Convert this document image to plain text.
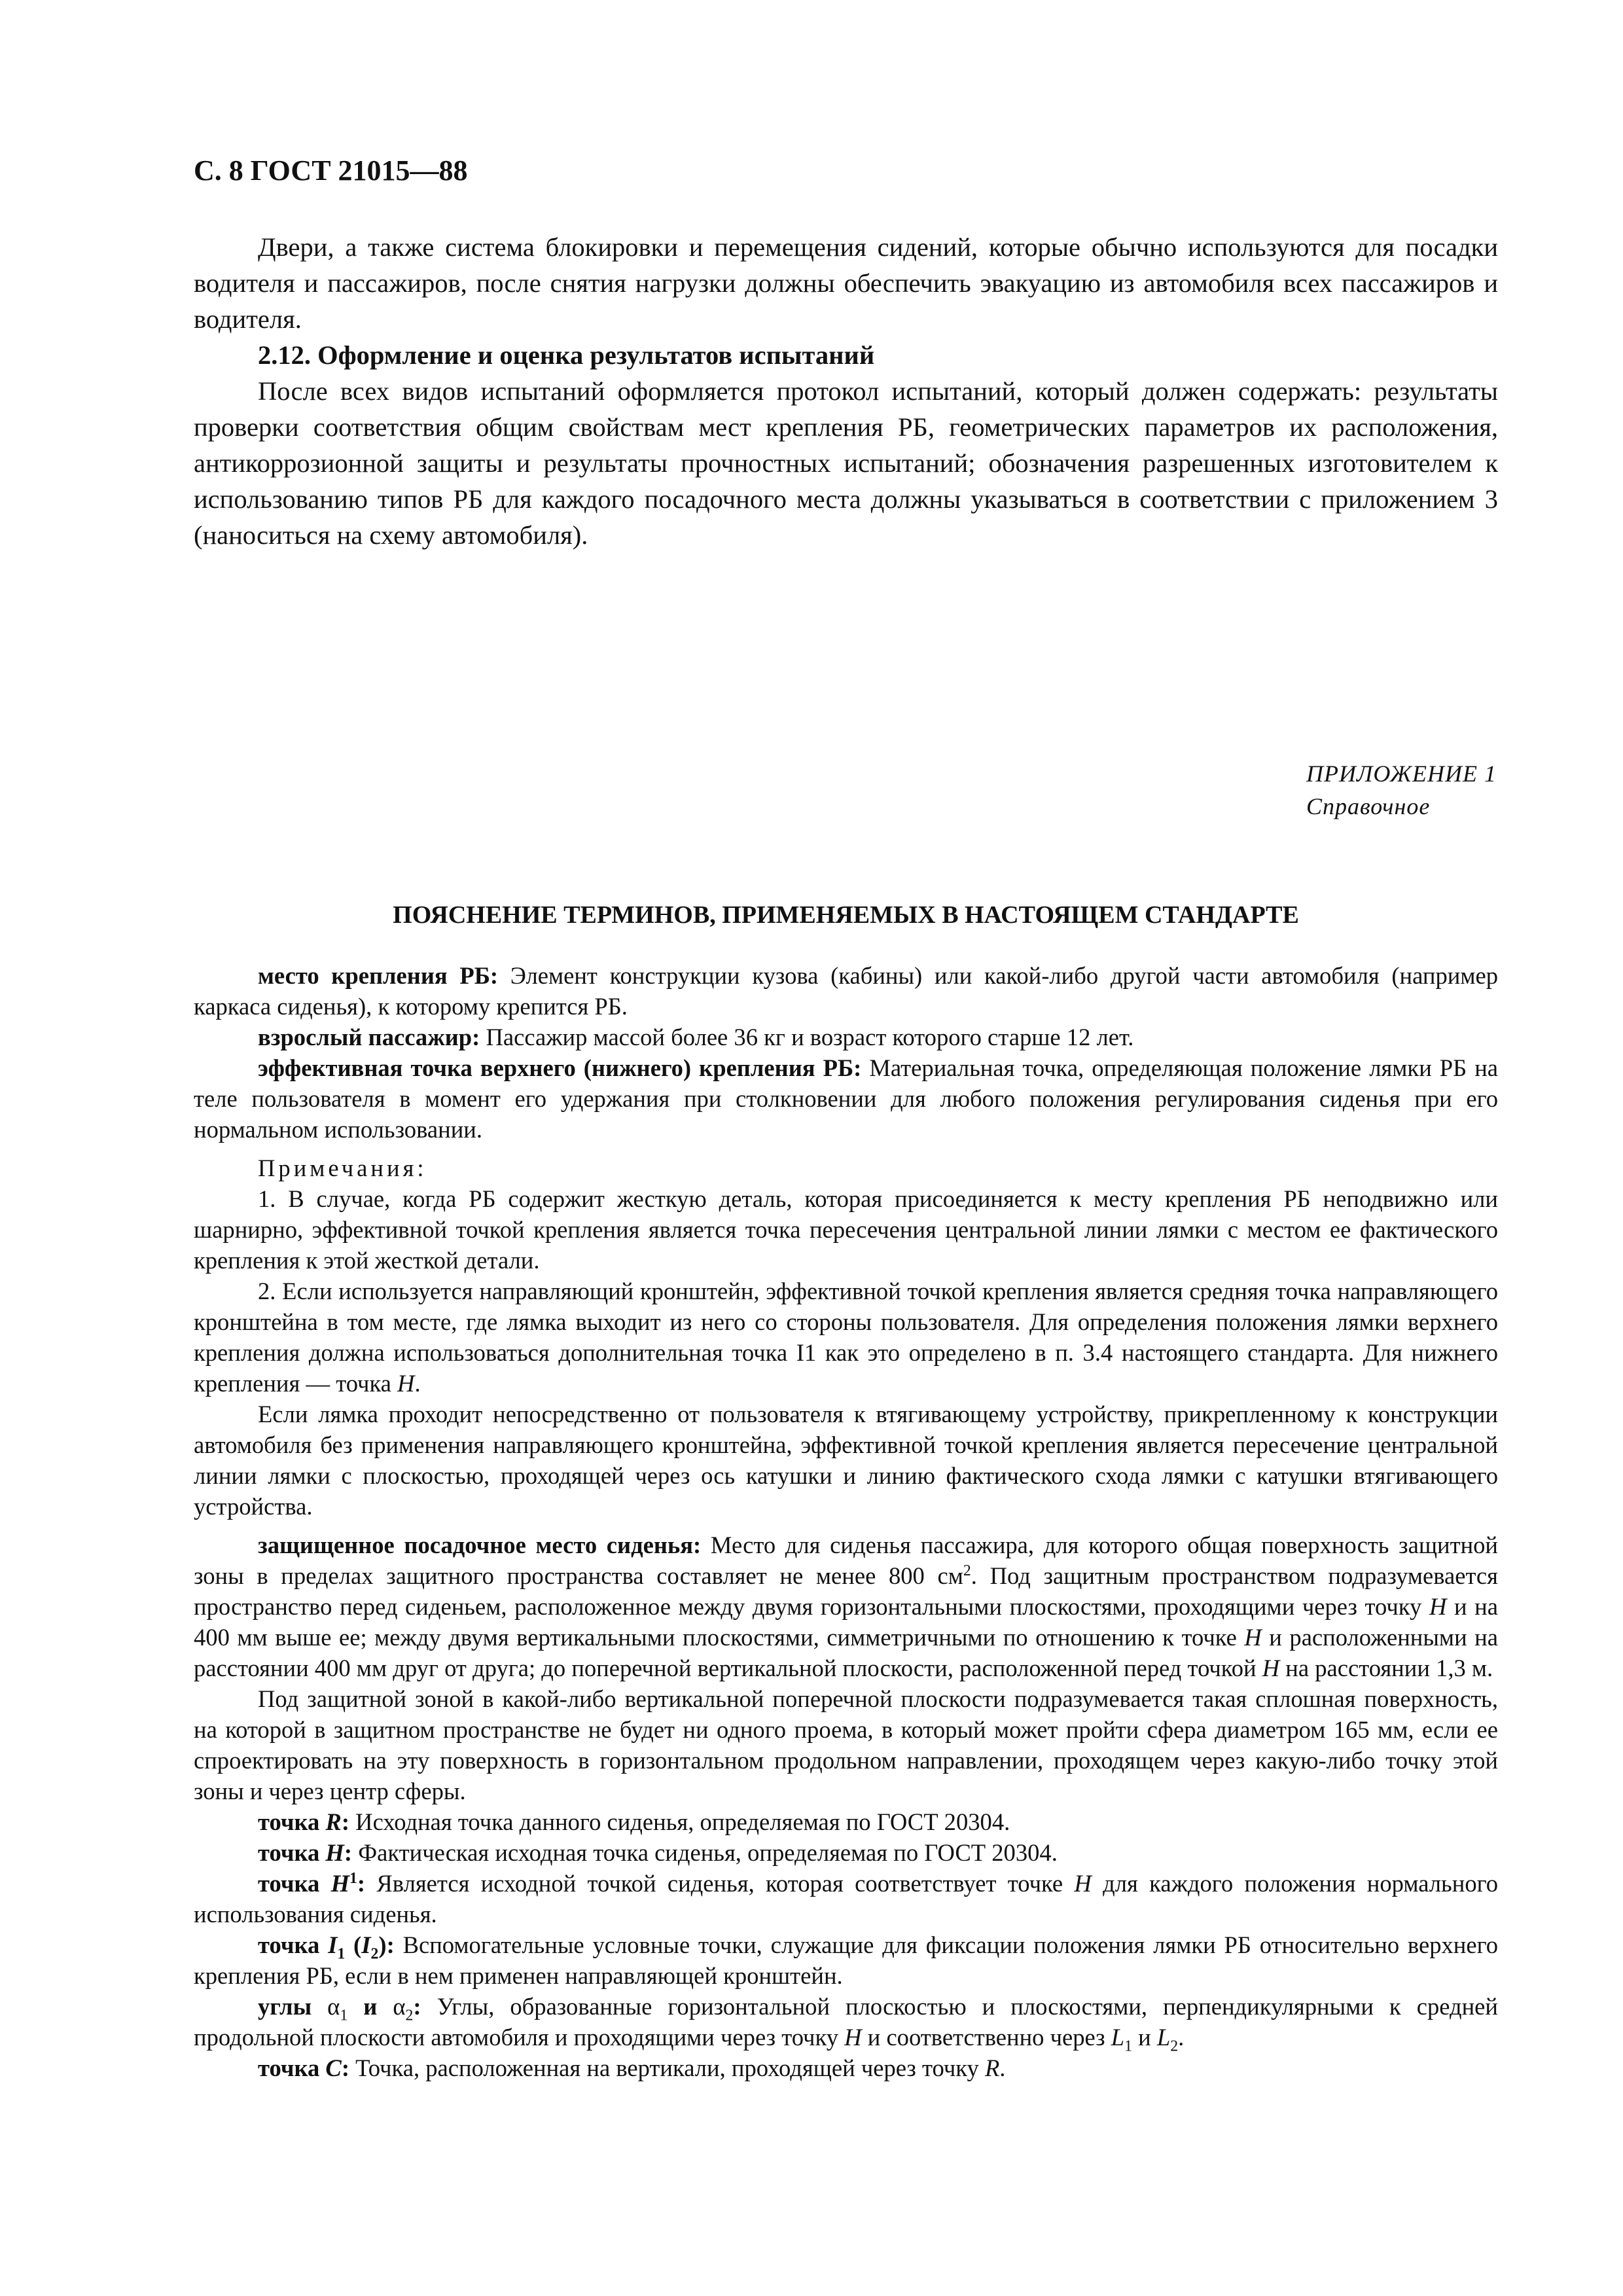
С. 8 ГОСТ 21015—88

Двери, а также система блокировки и перемещения сидений, которые обычно используются для посадки водителя и пассажиров, после снятия нагрузки должны обеспечить эвакуацию из автомобиля всех пассажиров и водителя.

2.12. Оформление и оценка результатов испытаний

После всех видов испытаний оформляется протокол испытаний, который должен содержать: результаты проверки соответствия общим свойствам мест крепления РБ, геометрических параметров их расположения, антикоррозионной защиты и результаты прочностных испытаний; обозначения разрешенных изготовителем к использованию типов РБ для каждого посадочного места должны указываться в соответствии с приложением 3 (наноситься на схему автомобиля).

ПРИЛОЖЕНИЕ 1
Справочное
ПОЯСНЕНИЕ ТЕРМИНОВ, ПРИМЕНЯЕМЫХ В НАСТОЯЩЕМ СТАНДАРТЕ

место крепления РБ: Элемент конструкции кузова (кабины) или какой-либо другой части автомобиля (например каркаса сиденья), к которому крепится РБ.

взрослый пассажир: Пассажир массой более 36 кг и возраст которого старше 12 лет.

эффективная точка верхнего (нижнего) крепления РБ: Материальная точка, определяющая положение лямки РБ на теле пользователя в момент его удержания при столкновении для любого положения регулирования сиденья при его нормальном использовании.

Примечания:

1. В случае, когда РБ содержит жесткую деталь, которая присоединяется к месту крепления РБ неподвижно или шарнирно, эффективной точкой крепления является точка пересечения центральной линии лямки с местом ее фактического крепления к этой жесткой детали.

2. Если используется направляющий кронштейн, эффективной точкой крепления является средняя точка направляющего кронштейна в том месте, где лямка выходит из него со стороны пользователя. Для определения положения лямки верхнего крепления должна использоваться дополнительная точка I1 как это определено в п. 3.4 настоящего стандарта. Для нижнего крепления — точка H.

Если лямка проходит непосредственно от пользователя к втягивающему устройству, прикрепленному к конструкции автомобиля без применения направляющего кронштейна, эффективной точкой крепления является пересечение центральной линии лямки с плоскостью, проходящей через ось катушки и линию фактического схода лямки с катушки втягивающего устройства.

защищенное посадочное место сиденья: Место для сиденья пассажира, для которого общая поверхность защитной зоны в пределах защитного пространства составляет не менее 800 $см^2$. Под защитным пространством подразумевается пространство перед сиденьем, расположенное между двумя горизонтальными плоскостями, проходящими через точку H и на 400 мм выше ее; между двумя вертикальными плоскостями, симметричными по отношению к точке H и расположенными на расстоянии 400 мм друг от друга; до поперечной вертикальной плоскости, расположенной перед точкой H на расстоянии 1,3 м.

Под защитной зоной в какой-либо вертикальной поперечной плоскости подразумевается такая сплошная поверхность, на которой в защитном пространстве не будет ни одного проема, в который может пройти сфера диаметром 165 мм, если ее спроектировать на эту поверхность в горизонтальном продольном направлении, проходящем через какую-либо точку этой зоны и через центр сферы.

точка R: Исходная точка данного сиденья, определяемая по ГОСТ 20304.

точка H: Фактическая исходная точка сиденья, определяемая по ГОСТ 20304.

точка $H^1$: Является исходной точкой сиденья, которая соответствует точке H для каждого положения нормального использования сиденья.

точка $I_1$ $(I_2)$: Вспомогательные условные точки, служащие для фиксации положения лямки РБ относительно верхнего крепления РБ, если в нем применен направляющей кронштейн.

углы $\alpha_1$ и $\alpha_2$: Углы, образованные горизонтальной плоскостью и плоскостями, перпендикулярными к средней продольной плоскости автомобиля и проходящими через точку H и соответственно через $L_1$ и $L_2$.

точка C: Точка, расположенная на вертикали, проходящей через точку R.
